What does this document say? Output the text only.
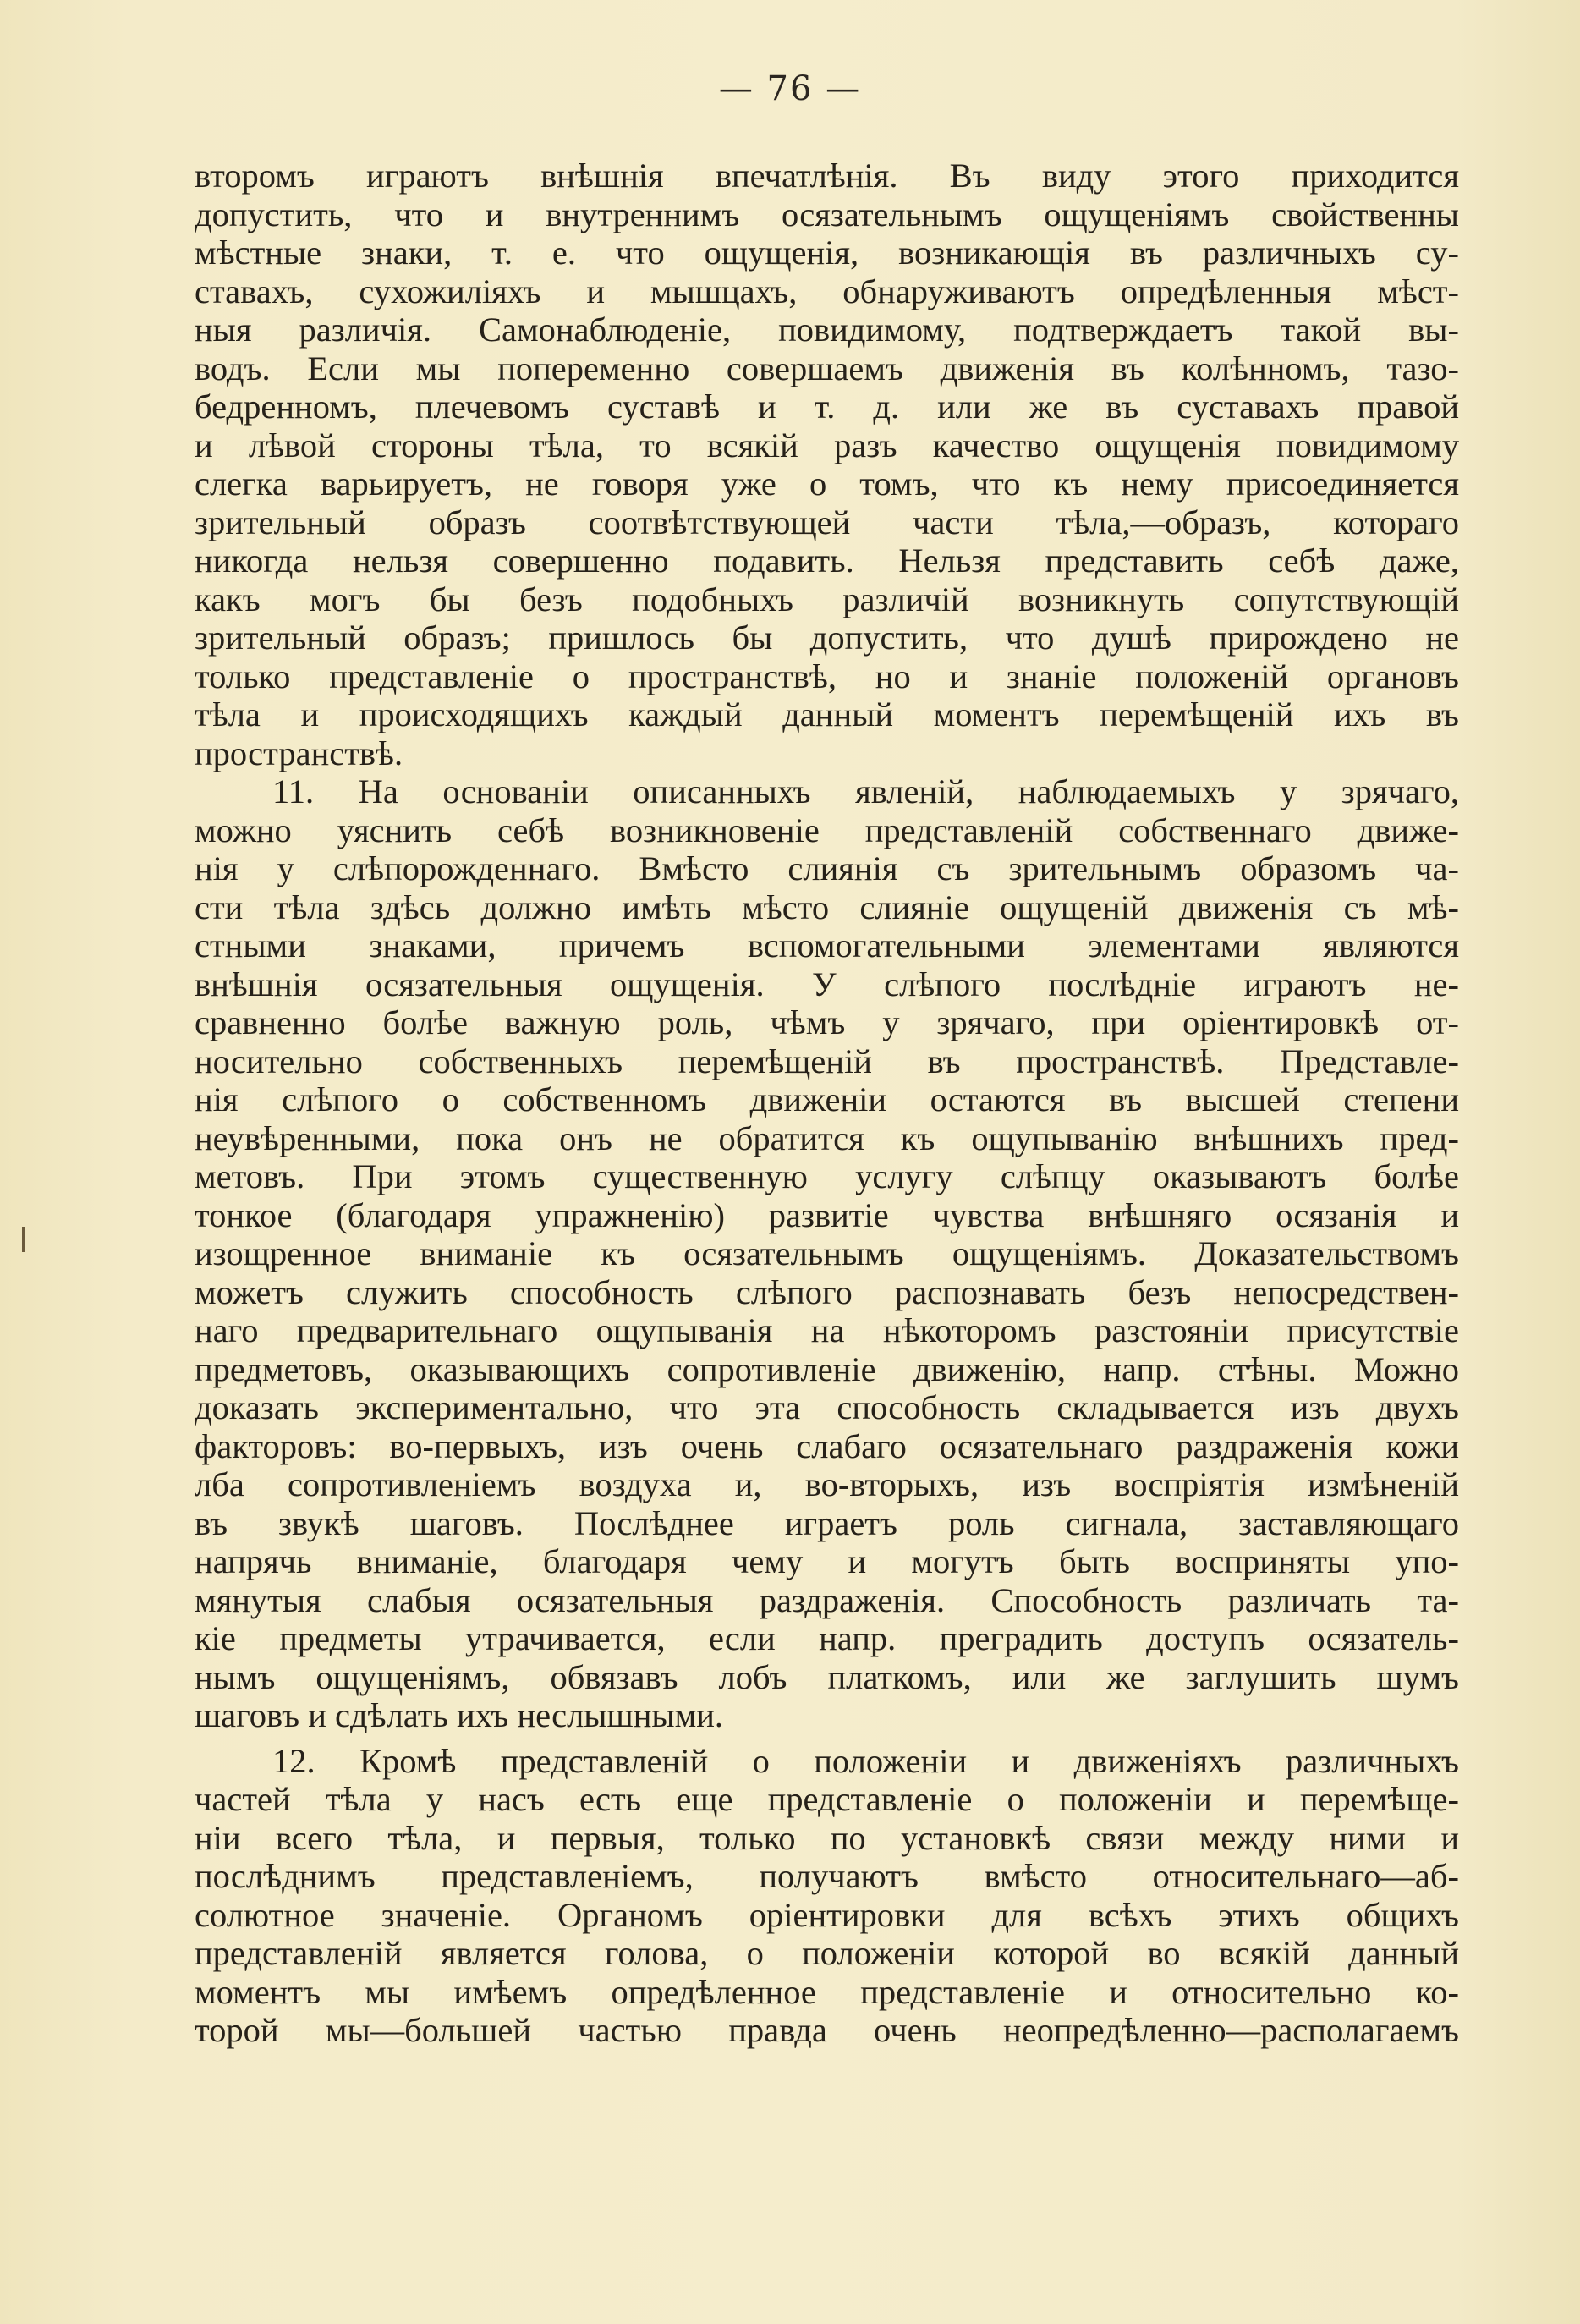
— 76 —
второмъ играютъ внѣшнія впечатлѣнія. Въ виду этого приходится
допустить, что и внутреннимъ осязательнымъ ощущеніямъ свойственны
мѣстные знаки, т. е. что ощущенія, возникающія въ различныхъ су-
ставахъ, сухожиліяхъ и мышцахъ, обнаруживаютъ опредѣленныя мѣст-
ныя различія. Самонаблюденіе, повидимому, подтверждаетъ такой вы-
водъ. Если мы попеременно совершаемъ движенія въ колѣнномъ, тазо-
бедренномъ, плечевомъ суставѣ и т. д. или же въ суставахъ правой
и лѣвой стороны тѣла, то всякій разъ качество ощущенія повидимому
слегка варьируетъ, не говоря уже о томъ, что къ нему присоединяется
зрительный образъ соотвѣтствующей части тѣла,—образъ, котораго
никогда нельзя совершенно подавить. Нельзя представить себѣ даже,
какъ могъ бы безъ подобныхъ различій возникнуть сопутствующій
зрительный образъ; пришлось бы допустить, что душѣ прирождено не
только представленіе о пространствѣ, но и знаніе положеній органовъ
тѣла и происходящихъ каждый данный моментъ перемѣщеній ихъ въ
пространствѣ.
11. На основаніи описанныхъ явленій, наблюдаемыхъ у зрячаго,
можно уяснить себѣ возникновеніе представленій собственнаго движе-
нія у слѣпорожденнаго. Вмѣсто слиянія съ зрительнымъ образомъ ча-
сти тѣла здѣсь должно имѣть мѣсто слияніе ощущеній движенія съ мѣ-
стными знаками, причемъ вспомогательными элементами являются
внѣшнія осязательныя ощущенія. У слѣпого послѣдніе играютъ не-
сравненно болѣе важную роль, чѣмъ у зрячаго, при оріентировкѣ от-
носительно собственныхъ перемѣщеній въ пространствѣ. Представле-
нія слѣпого о собственномъ движеніи остаются въ высшей степени
неувѣренными, пока онъ не обратится къ ощупыванію внѣшнихъ пред-
метовъ. При этомъ существенную услугу слѣпцу оказываютъ болѣе
тонкое (благодаря упражненію) развитіе чувства внѣшняго осязанія и
изощренное вниманіе къ осязательнымъ ощущеніямъ. Доказательствомъ
можетъ служить способность слѣпого распознавать безъ непосредствен-
наго предварительнаго ощупыванія на нѣкоторомъ разстояніи присутствіе
предметовъ, оказывающихъ сопротивленіе движенію, напр. стѣны. Можно
доказать экспериментально, что эта способность складывается изъ двухъ
факторовъ: во-первыхъ, изъ очень слабаго осязательнаго раздраженія кожи
лба сопротивленіемъ воздуха и, во-вторыхъ, изъ воспріятія измѣненій
въ звукѣ шаговъ. Послѣднее играетъ роль сигнала, заставляющаго
напрячь вниманіе, благодаря чему и могутъ быть восприняты упо-
мянутыя слабыя осязательныя раздраженія. Способность различать та-
кіе предметы утрачивается, если напр. преградить доступъ осязатель-
нымъ ощущеніямъ, обвязавъ лобъ платкомъ, или же заглушить шумъ
шаговъ и сдѣлать ихъ неслышными.
12. Кромѣ представленій о положеніи и движеніяхъ различныхъ
частей тѣла у насъ есть еще представленіе о положеніи и перемѣще-
ніи всего тѣла, и первыя, только по установкѣ связи между ними и
послѣднимъ представленіемъ, получаютъ вмѣсто относительнаго—аб-
солютное значеніе. Органомъ оріентировки для всѣхъ этихъ общихъ
представленій является голова, о положеніи которой во всякій данный
моментъ мы имѣемъ опредѣленное представленіе и относительно ко-
торой мы—большей частью правда очень неопредѣленно—располагаемъ
